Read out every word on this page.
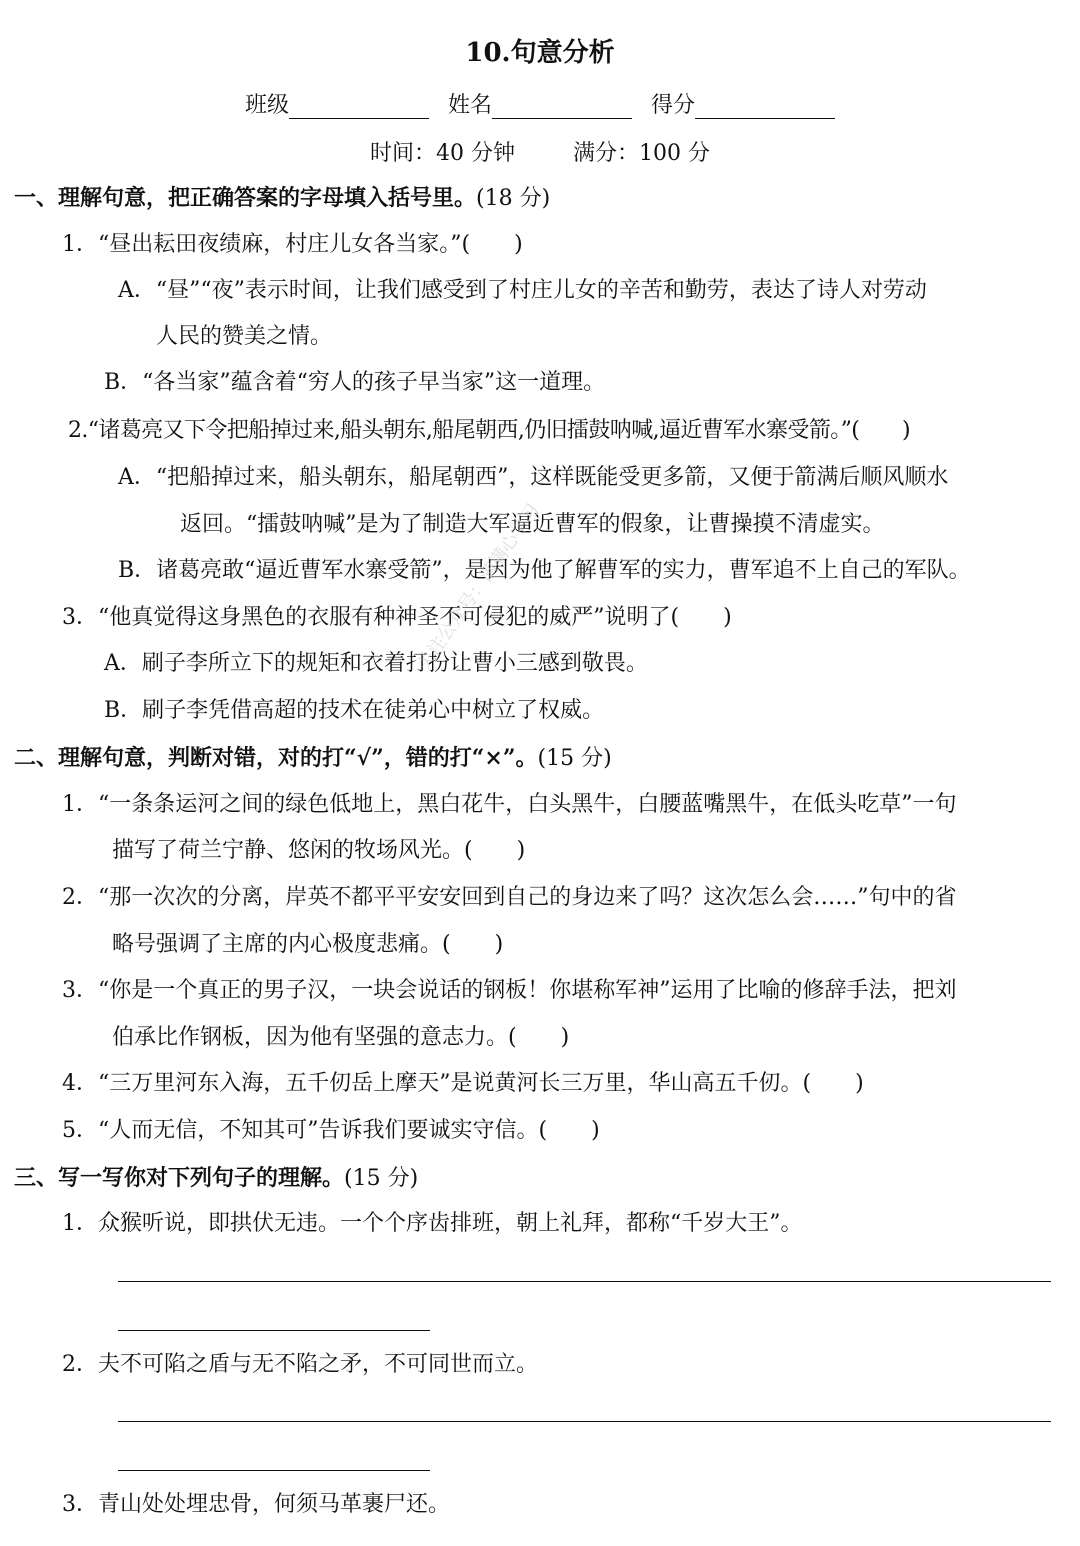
10.句意分析
班级	姓名	得分
时间：40 分钟	满分：100 分
一、理解句意，把正确答案的字母填入括号里。(18 分)
1．“昼出耘田夜绩麻，村庄儿女各当家。”(　　)
A．“昼”“夜”表示时间，让我们感受到了村庄儿女的辛苦和勤劳，表达了诗人对劳动
人民的赞美之情。
B．“各当家”蕴含着“穷人的孩子早当家”这一道理。
2.“诸葛亮又下令把船掉过来,船头朝东,船尾朝西,仍旧擂鼓呐喊,逼近曹军水寨受箭。”(　　)
A．“把船掉过来，船头朝东，船尾朝西”，这样既能受更多箭，又便于箭满后顺风顺水
返回。“擂鼓呐喊”是为了制造大军逼近曹军的假象，让曹操摸不清虚实。
B．诸葛亮敢“逼近曹军水寨受箭”，是因为他了解曹军的实力，曹军追不上自己的军队。
3．“他真觉得这身黑色的衣服有种神圣不可侵犯的威严”说明了(　　)
A．刷子李所立下的规矩和衣着打扮让曹小三感到敬畏。
B．刷子李凭借高超的技术在徒弟心中树立了权威。
二、理解句意，判断对错，对的打“√”，错的打“×”。(15 分)
1．“一条条运河之间的绿色低地上，黑白花牛，白头黑牛，白腰蓝嘴黑牛，在低头吃草”一句
描写了荷兰宁静、悠闲的牧场风光。(　　)
2．“那一次次的分离，岸英不都平平安安回到自己的身边来了吗？这次怎么会……”句中的省
略号强调了主席的内心极度悲痛。(　　)
3．“你是一个真正的男子汉，一块会说话的钢板！你堪称军神”运用了比喻的修辞手法，把刘
伯承比作钢板，因为他有坚强的意志力。(　　)
4．“三万里河东入海，五千仞岳上摩天”是说黄河长三万里，华山高五千仞。(　　)
5．“人而无信，不知其可”告诉我们要诚实守信。(　　)
三、写一写你对下列句子的理解。(15 分)
1．众猴听说，即拱伏无违。一个个序齿排班，朝上礼拜，都称“千岁大王”。
2．夫不可陷之盾与无不陷之矛，不可同世而立。
3．青山处处埋忠骨，何须马革裹尸还。
关注公众号：满满心学习
